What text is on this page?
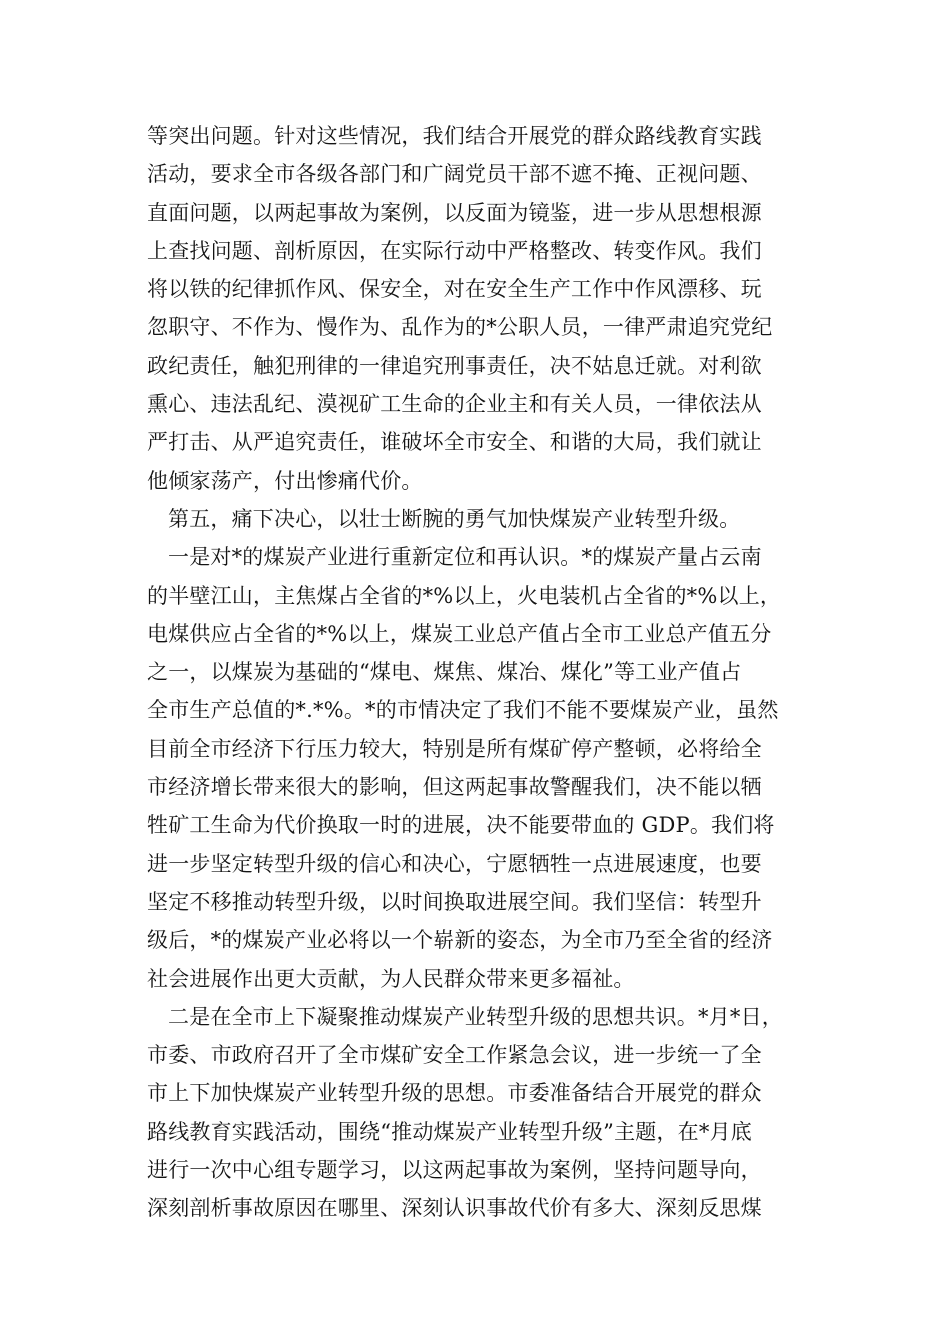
等突出问题。针对这些情况，我们结合开展党的群众路线教育实践
活动，要求全市各级各部门和广阔党员干部不遮不掩、正视问题、
直面问题，以两起事故为案例，以反面为镜鉴，进一步从思想根源
上查找问题、剖析原因，在实际行动中严格整改、转变作风。我们
将以铁的纪律抓作风、保安全，对在安全生产工作中作风漂移、玩
忽职守、不作为、慢作为、乱作为的*公职人员，一律严肃追究党纪
政纪责任，触犯刑律的一律追究刑事责任，决不姑息迁就。对利欲
熏心、违法乱纪、漠视矿工生命的企业主和有关人员，一律依法从
严打击、从严追究责任，谁破坏全市安全、和谐的大局，我们就让
他倾家荡产，付出惨痛代价。
第五，痛下决心，以壮士断腕的勇气加快煤炭产业转型升级。
一是对*的煤炭产业进行重新定位和再认识。*的煤炭产量占云南
的半壁江山，主焦煤占全省的*%以上，火电装机占全省的*%以上，
电煤供应占全省的*%以上，煤炭工业总产值占全市工业总产值五分
之一，以煤炭为基础的“煤电、煤焦、煤冶、煤化”等工业产值占
全市生产总值的*.*%。*的市情决定了我们不能不要煤炭产业，虽然
目前全市经济下行压力较大，特别是所有煤矿停产整顿，必将给全
市经济增长带来很大的影响，但这两起事故警醒我们，决不能以牺
牲矿工生命为代价换取一时的进展，决不能要带血的 GDP。我们将
进一步坚定转型升级的信心和决心，宁愿牺牲一点进展速度，也要
坚定不移推动转型升级，以时间换取进展空间。我们坚信：转型升
级后，*的煤炭产业必将以一个崭新的姿态，为全市乃至全省的经济
社会进展作出更大贡献，为人民群众带来更多福祉。
二是在全市上下凝聚推动煤炭产业转型升级的思想共识。*月*日，
市委、市政府召开了全市煤矿安全工作紧急会议，进一步统一了全
市上下加快煤炭产业转型升级的思想。市委准备结合开展党的群众
路线教育实践活动，围绕“推动煤炭产业转型升级”主题，在*月底
进行一次中心组专题学习，以这两起事故为案例，坚持问题导向，
深刻剖析事故原因在哪里、深刻认识事故代价有多大、深刻反思煤
